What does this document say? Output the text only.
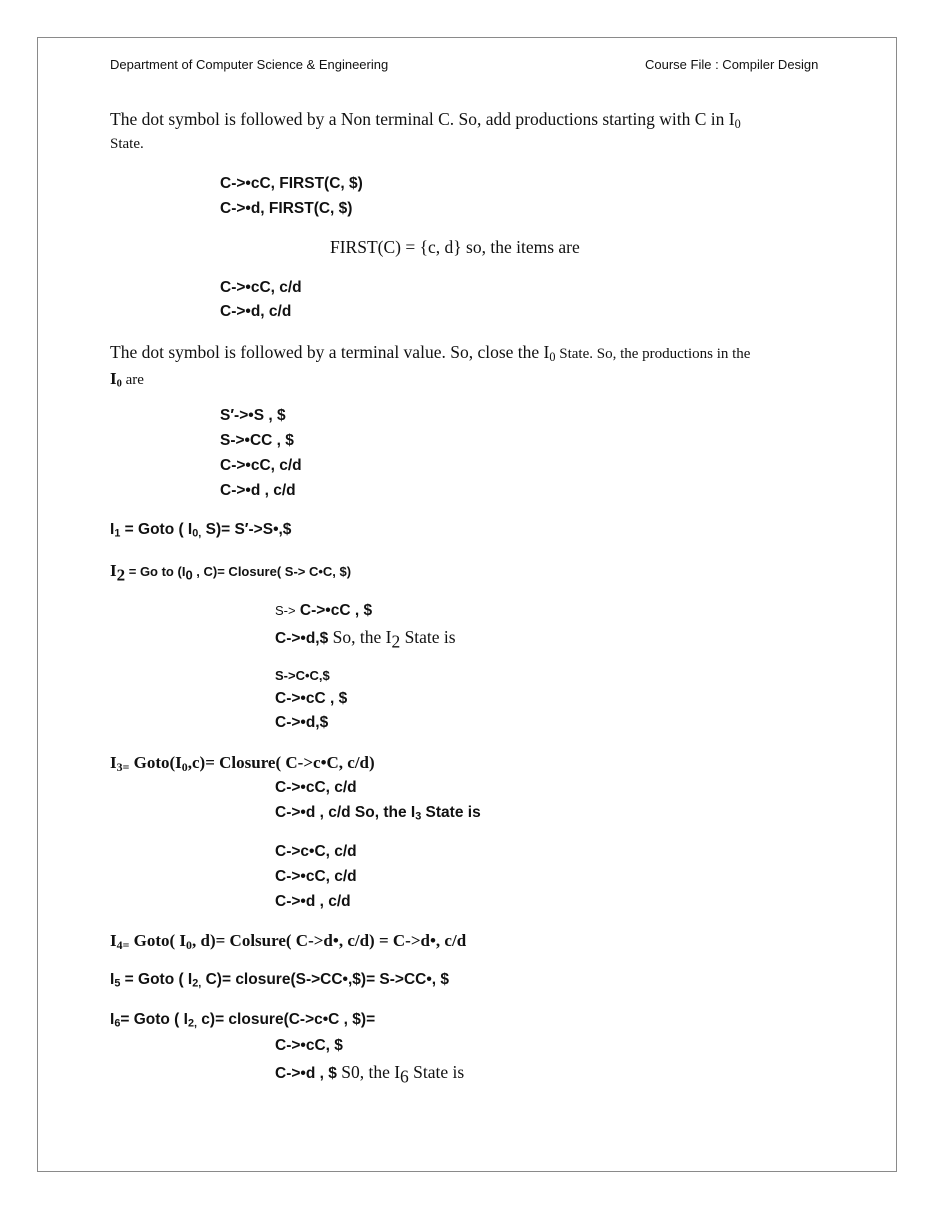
Department of Computer Science & Engineering	Course File : Compiler Design
The dot symbol is followed by a Non terminal C. So, add productions starting with C in $I_0$
State.
C->•cC, FIRST(C, $)
C->•d, FIRST(C, $)
FIRST(C) = {c, d} so, the items are
C->•cC, c/d
C->•d, c/d
The dot symbol is followed by a terminal value. So, close the $I_0$ State. So, the productions in the
$I_0$ are
S′->•S , $
S->•CC , $
C->•cC, c/d
C->•d , c/d
$I_1$ = Goto ( $I_{0,}$ S)= S′->S•,$
$I_2 = Go$ to ($I_0$ , C)= Closure( S-> C•C, $)
S-> C->•cC , $
C->•d,$ So, the $I_2$ State is
S->C•C,$
C->•cC , $
C->•d,$
$I_{3=}$ $Goto(I_0,c)=$ Closure( C->c•C, c/d)
C->•cC, c/d
C->•d , c/d So, the $I_3$ State is
C->c•C, c/d
C->•cC, c/d
C->•d , c/d
$I_{4=}$ Goto( $I_0$, d)= Colsure( C->d•, c/d) = C->d•, c/d
$I_5$ = Goto ( $I_{2,}$ C)= closure(S->CC•,$)= S->CC•, $
$I_6=$ Goto ( $I_{2,}$ c)= closure(C->c•C , $)=
C->•cC, $
C->•d , $ S0, the $I_6$ State is
